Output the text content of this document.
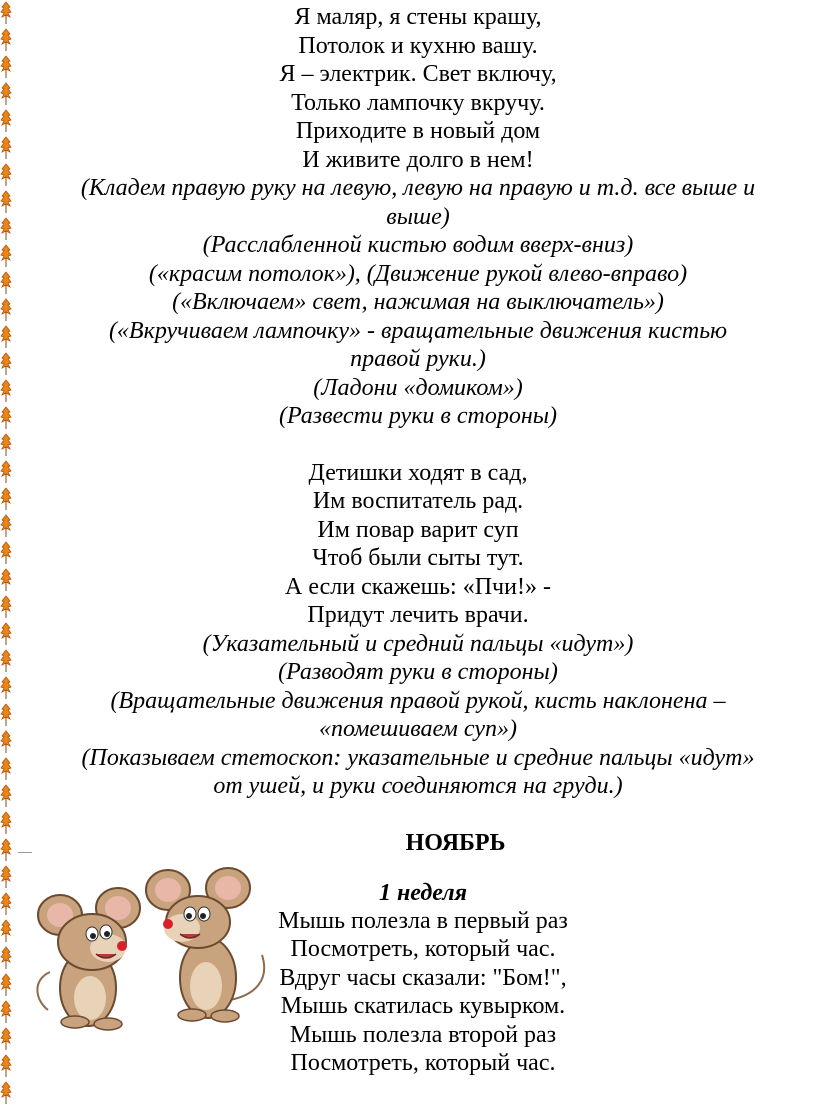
Я маляр, я стены крашу,
Потолок и кухню вашу.
Я – электрик. Свет включу,
Только лампочку вкручу.
Приходите в новый дом
И живите долго в нем!
(Кладем правую руку на левую, левую на правую и т.д. все выше и
выше)
(Расслабленной кистью водим вверх-вниз)
(«красим потолок»), (Движение рукой влево-вправо)
(«Включаем» свет, нажимая на выключатель»)
(«Вкручиваем лампочку» - вращательные движения кистью
правой руки.)
(Ладони «домиком»)
(Развести руки в стороны)
Детишки ходят в сад,
Им воспитатель рад.
Им повар варит суп
Чтоб были сыты тут.
А если скажешь: «Пчи!» -
Придут лечить врачи.
(Указательный и средний пальцы «идут»)
(Разводят руки в стороны)
(Вращательные движения правой рукой, кисть наклонена –
«помешиваем суп»)
(Показываем стетоскоп: указательные и средние пальцы «идут»
от ушей, и руки соединяются на груди.)
НОЯБРЬ
1 неделя
Мышь полезла в первый раз
Посмотреть, который час.
Вдруг часы сказали: "Бом!",
Мышь скатилась кувырком.
Мышь полезла второй раз
Посмотреть, который час.
